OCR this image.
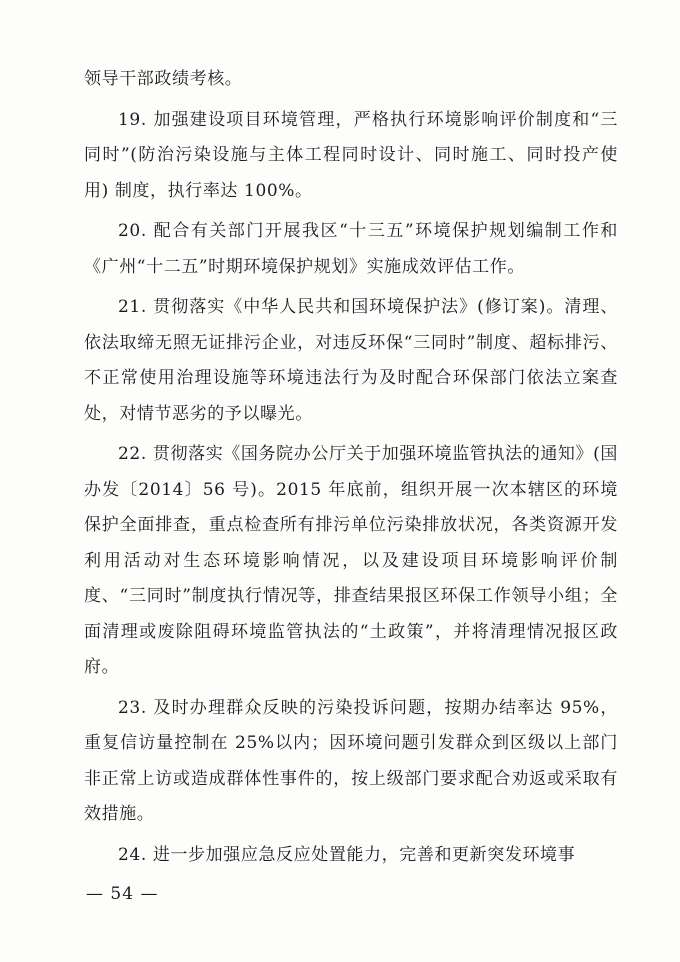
领导干部政绩考核。

19. 加强建设项目环境管理，严格执行环境影响评价制度和“三同时”(防治污染设施与主体工程同时设计、同时施工、同时投产使用) 制度，执行率达 100%。

20. 配合有关部门开展我区“十三五”环境保护规划编制工作和《广州“十二五”时期环境保护规划》实施成效评估工作。

21. 贯彻落实《中华人民共和国环境保护法》(修订案)。清理、依法取缔无照无证排污企业，对违反环保“三同时”制度、超标排污、不正常使用治理设施等环境违法行为及时配合环保部门依法立案查处，对情节恶劣的予以曝光。

22. 贯彻落实《国务院办公厅关于加强环境监管执法的通知》(国办发〔2014〕56 号)。2015 年底前，组织开展一次本辖区的环境保护全面排查，重点检查所有排污单位污染排放状况，各类资源开发利用活动对生态环境影响情况，以及建设项目环境影响评价制度、“三同时”制度执行情况等，排查结果报区环保工作领导小组；全面清理或废除阻碍环境监管执法的“土政策”，并将清理情况报区政府。

23. 及时办理群众反映的污染投诉问题，按期办结率达 95%，重复信访量控制在 25%以内；因环境问题引发群众到区级以上部门非正常上访或造成群体性事件的，按上级部门要求配合劝返或采取有效措施。

24. 进一步加强应急反应处置能力，完善和更新突发环境事

— 54 —
